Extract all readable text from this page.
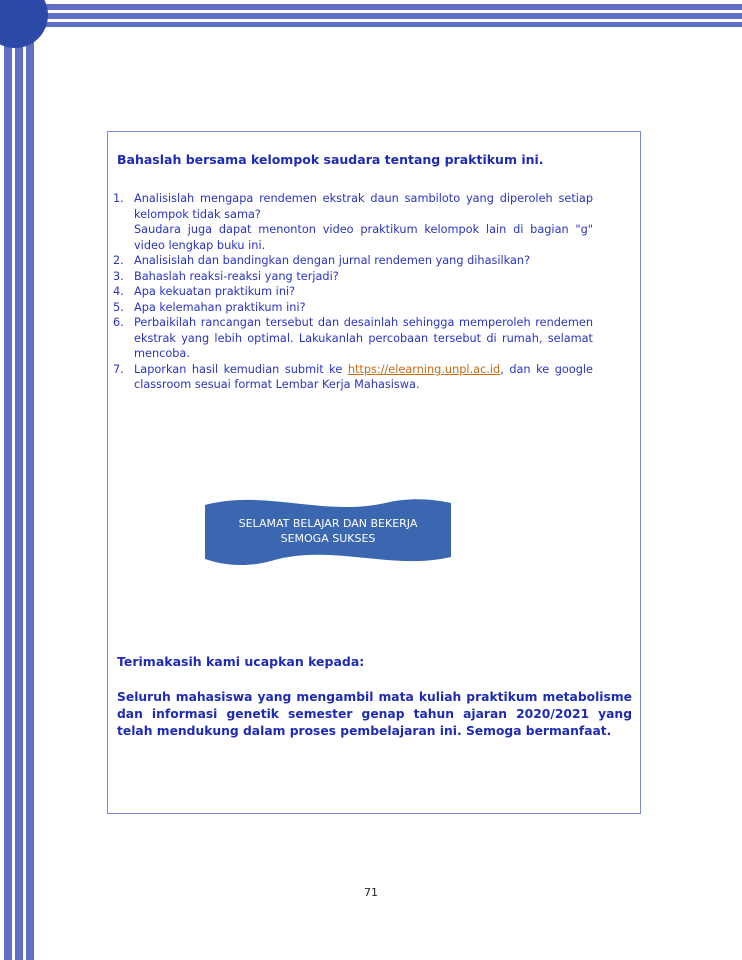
Bahaslah bersama kelompok saudara tentang praktikum ini.

1. Analisislah mengapa rendemen ekstrak daun sambiloto yang diperoleh setiap kelompok tidak sama?
Saudara juga dapat menonton video praktikum kelompok lain di bagian "g" video lengkap buku ini.
2. Analisislah dan bandingkan dengan jurnal rendemen yang dihasilkan?
3. Bahaslah reaksi-reaksi yang terjadi?
4. Apa kekuatan praktikum ini?
5. Apa kelemahan praktikum ini?
6. Perbaikilah rancangan tersebut dan desainlah sehingga memperoleh rendemen ekstrak yang lebih optimal. Lakukanlah percobaan tersebut di rumah, selamat mencoba.
7. Laporkan hasil kemudian submit ke https://elearning.unpl.ac.id, dan ke google classroom sesuai format Lembar Kerja Mahasiswa.
SELAMAT BELAJAR DAN BEKERJA
SEMOGA SUKSES

Terimakasih kami ucapkan kepada:

Seluruh mahasiswa yang mengambil mata kuliah praktikum metabolisme dan informasi genetik semester genap tahun ajaran 2020/2021 yang telah mendukung dalam proses pembelajaran ini. Semoga bermanfaat.

71
